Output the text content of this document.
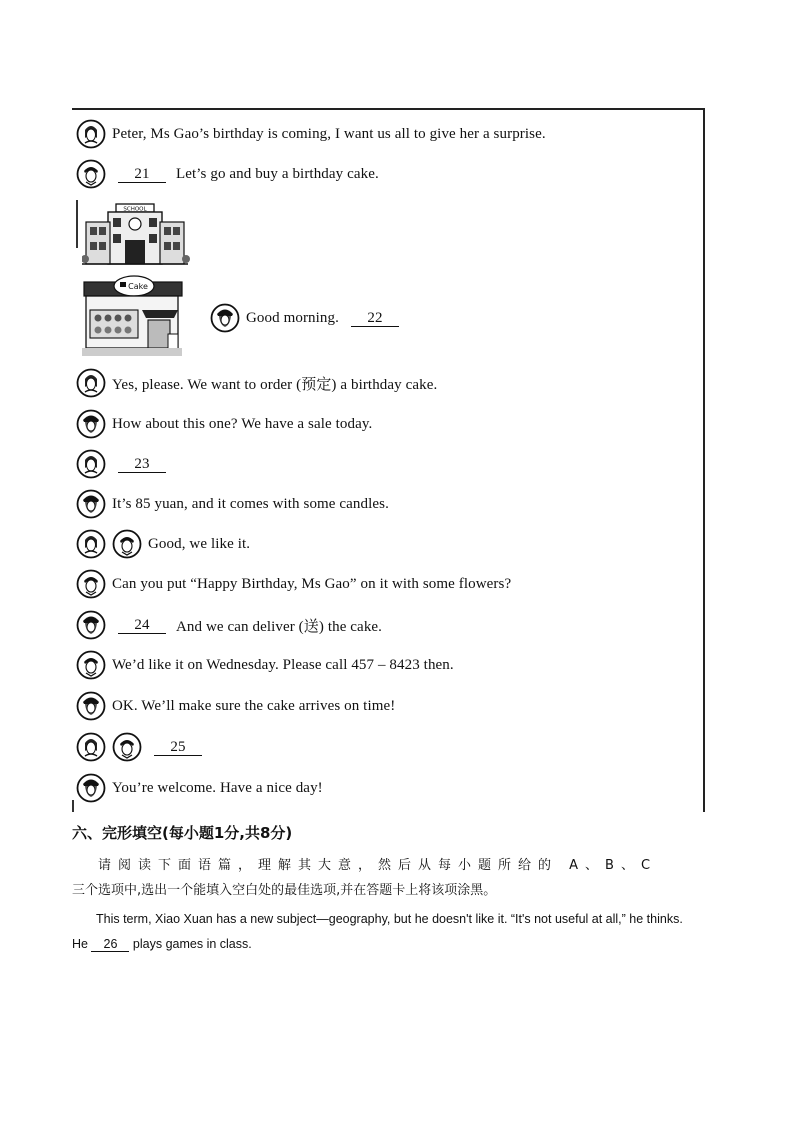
Peter, Ms Gao’s birthday is coming, I want us all to give her a surprise.
21	Let’s go and buy a birthday cake.
SCHOOL
Cake
Good morning.	22
Yes, please. We want to order (预定) a birthday cake.
How about this one? We have a sale today.
23
It’s 85 yuan, and it comes with some candles.
Good, we like it.
Can you put “Happy Birthday, Ms Gao” on it with some flowers?
24	And we can deliver (送) the cake.
We’d like it on Wednesday. Please call 457 – 8423 then.
OK. We’ll make sure the cake arrives on time!
25
You’re welcome. Have a nice day!
六、完形填空(每小题1分,共8分)
请阅读下面语篇，理解其大意，然后从每小题所给的 A、B、C
三个选项中,选出一个能填入空白处的最佳选项,并在答题卡上将该项涂黑。
This term, Xiao Xuan has a new subject—geography, but he doesn't like it. “It's not useful at all,” he thinks.
He 26 plays games in class.
